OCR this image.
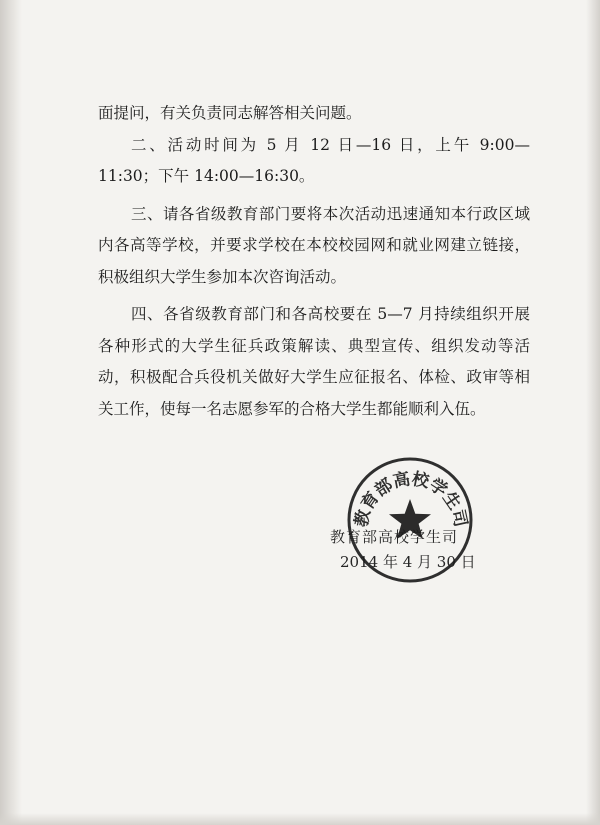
面提问，有关负责同志解答相关问题。

二、活动时间为 5 月 12 日—16 日，上午 9:00—11:30；下午 14:00—16:30。

三、请各省级教育部门要将本次活动迅速通知本行政区域内各高等学校，并要求学校在本校校园网和就业网建立链接，积极组织大学生参加本次咨询活动。

四、各省级教育部门和各高校要在 5—7 月持续组织开展各种形式的大学生征兵政策解读、典型宣传、组织发动等活动，积极配合兵役机关做好大学生应征报名、体检、政审等相关工作，使每一名志愿参军的合格大学生都能顺利入伍。

教育部高校学生司
2014 年 4 月 30 日
教育部高校学生司
